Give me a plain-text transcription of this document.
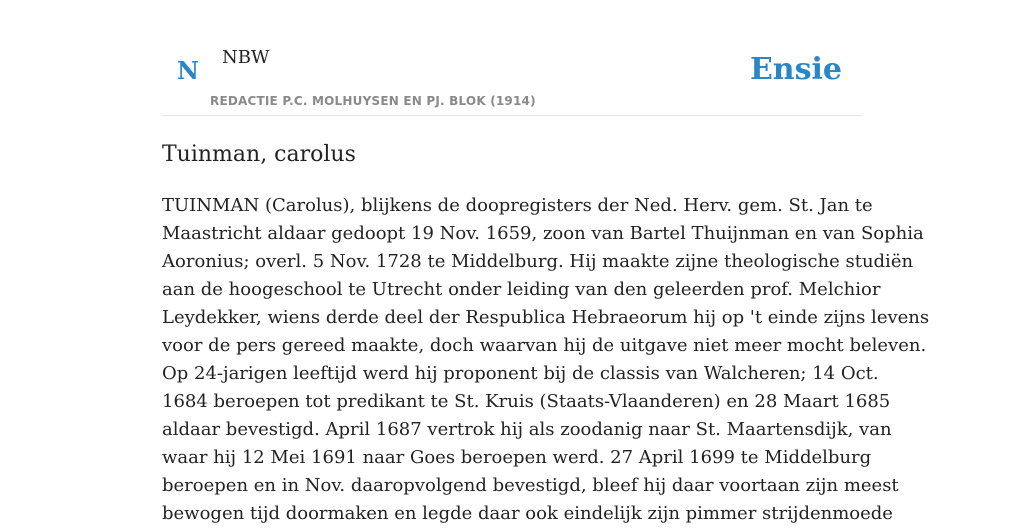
N NBW
REDACTIE P.C. MOLHUYSEN EN PJ. BLOK (1914)
Ensie
Tuinman, carolus
TUINMAN (Carolus), blijkens de doopregisters der Ned. Herv. gem. St. Jan te
Maastricht aldaar gedoopt 19 Nov. 1659, zoon van Bartel Thuijnman en van Sophia
Aoronius; overl. 5 Nov. 1728 te Middelburg. Hij maakte zijne theologische studiën
aan de hoogeschool te Utrecht onder leiding van den geleerden prof. Melchior
Leydekker, wiens derde deel der Respublica Hebraeorum hij op 't einde zijns levens
voor de pers gereed maakte, doch waarvan hij de uitgave niet meer mocht beleven.
Op 24-jarigen leeftijd werd hij proponent bij de classis van Walcheren; 14 Oct.
1684 beroepen tot predikant te St. Kruis (Staats-Vlaanderen) en 28 Maart 1685
aldaar bevestigd. April 1687 vertrok hij als zoodanig naar St. Maartensdijk, van
waar hij 12 Mei 1691 naar Goes beroepen werd. 27 April 1699 te Middelburg
beroepen en in Nov. daaropvolgend bevestigd, bleef hij daar voortaan zijn meest
bewogen tijd doormaken en legde daar ook eindelijk zijn pimmer strijdenmoede
